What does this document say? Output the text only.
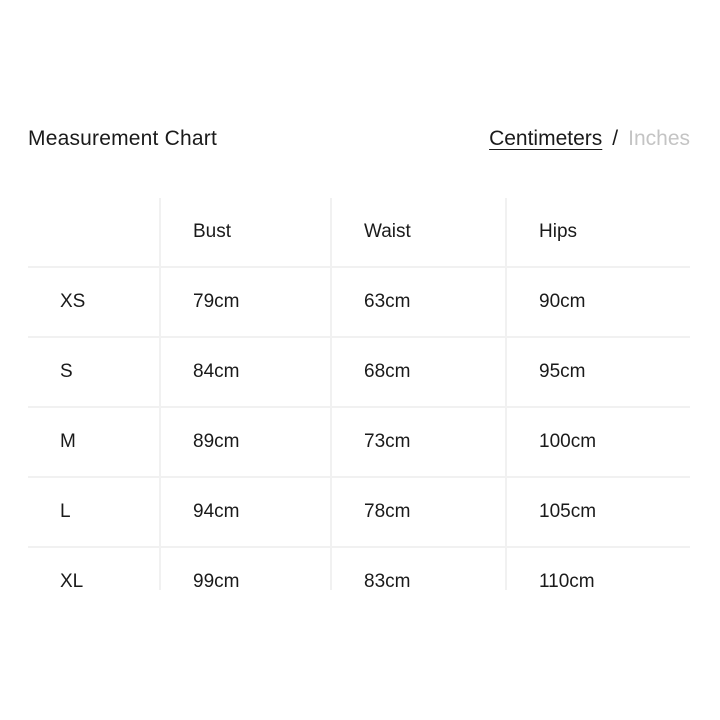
Measurement Chart	Centimeters / Inches

	Bust	Waist	Hips

XS	79cm	63cm	90cm

S	84cm	68cm	95cm

M	89cm	73cm	100cm

L	94cm	78cm	105cm

XL	99cm	83cm	110cm
